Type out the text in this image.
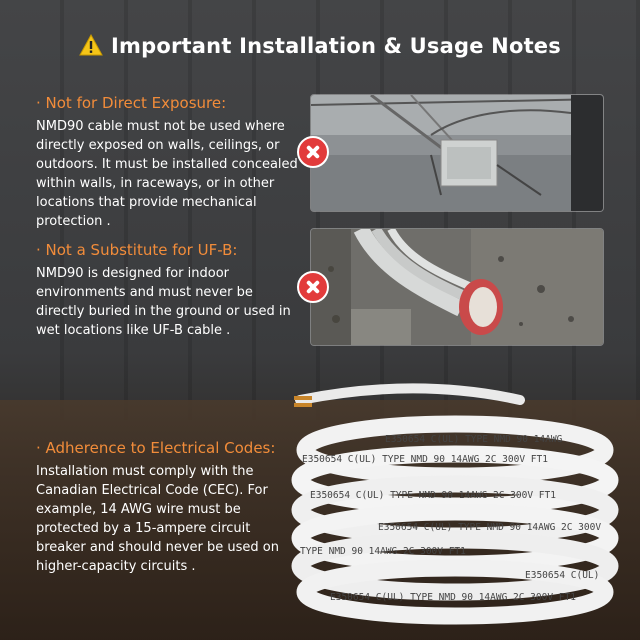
Important Installation & Usage Notes
· Not for Direct Exposure:
NMD90 cable must not be used where directly exposed on walls, ceilings, or outdoors. It must be installed concealed within walls, in raceways, or in other locations that provide mechanical protection .
· Not a Substitute for UF-B:
NMD90 is designed for indoor environments and must never be directly buried in the ground or used in wet locations like UF-B cable .
· Adherence to Electrical Codes:
Installation must comply with the Canadian Electrical Code (CEC). For example, 14 AWG wire must be protected by a 15-ampere circuit breaker and should never be used on higher-capacity circuits .
E350654 C(UL) TYPE NMD 90 14AWG
E350654 C(UL) TYPE NMD 90 14AWG 2C 300V FT1
E350654 C(UL) TYPE NMD 90 14AWG 2C 300V FT1
E350654 C(UL) TYPE NMD 90 14AWG 2C 300V
TYPE NMD 90 14AWG 2C 300V FT1
E350654 C(UL)
E350654 C(UL) TYPE NMD 90 14AWG 2C 300V FT1
